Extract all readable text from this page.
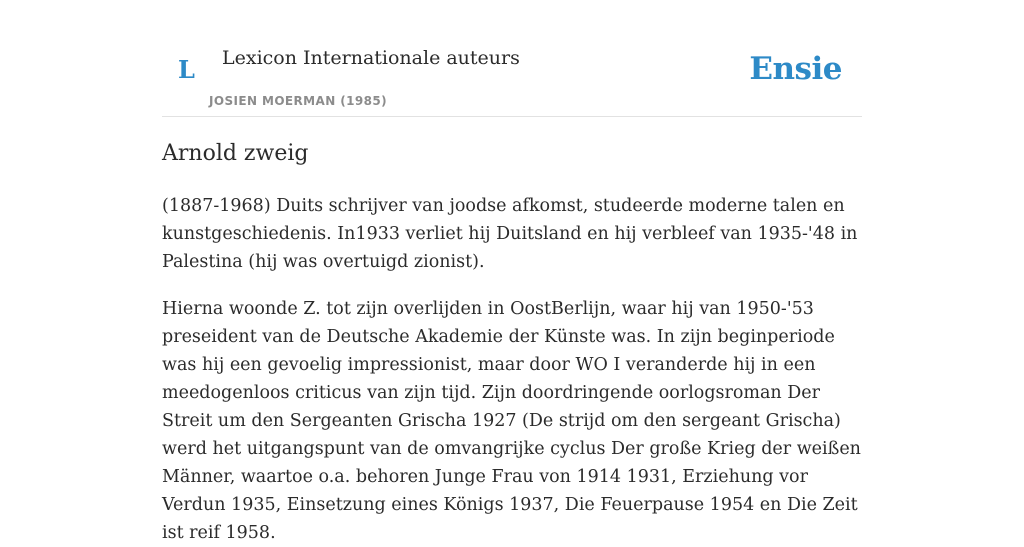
L Lexicon Internationale auteurs
JOSIEN MOERMAN (1985)
Ensie
Arnold zweig

(1887-1968) Duits schrijver van joodse afkomst, studeerde moderne talen en kunstgeschiedenis. In1933 verliet hij Duitsland en hij verbleef van 1935-'48 in Palestina (hij was overtuigd zionist).

Hierna woonde Z. tot zijn overlijden in OostBerlijn, waar hij van 1950-'53 preseident van de Deutsche Akademie der Künste was. In zijn beginperiode was hij een gevoelig impressionist, maar door WO I veranderde hij in een meedogenloos criticus van zijn tijd. Zijn doordringende oorlogsroman Der Streit um den Sergeanten Grischa 1927 (De strijd om den sergeant Grischa) werd het uitgangspunt van de omvangrijke cyclus Der große Krieg der weißen Männer, waartoe o.a. behoren Junge Frau von 1914 1931, Erziehung vor Verdun 1935, Einsetzung eines Königs 1937, Die Feuerpause 1954 en Die Zeit ist reif 1958.
